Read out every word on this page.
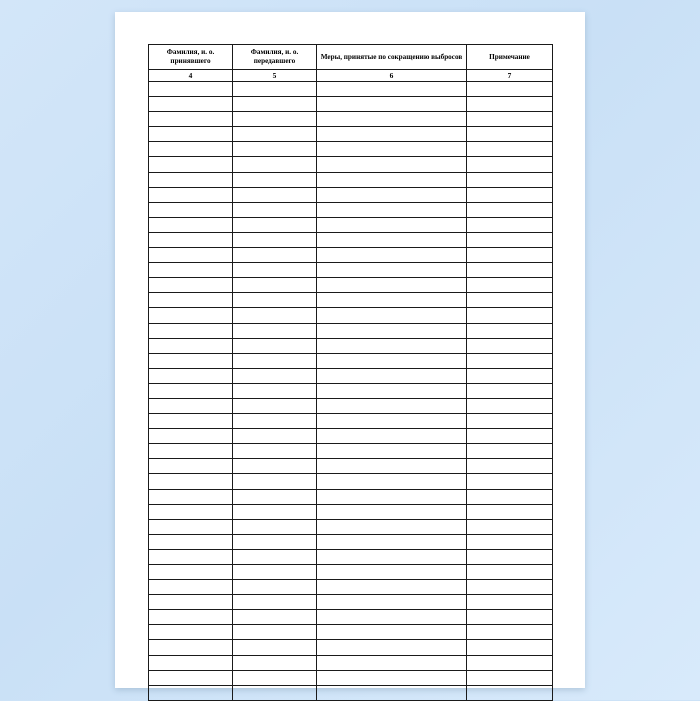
Фамилия, и. о. принявшего	Фамилия, и. о. передавшего	Меры, принятые по сокращению выбросов	Примечание
4	5	6	7
